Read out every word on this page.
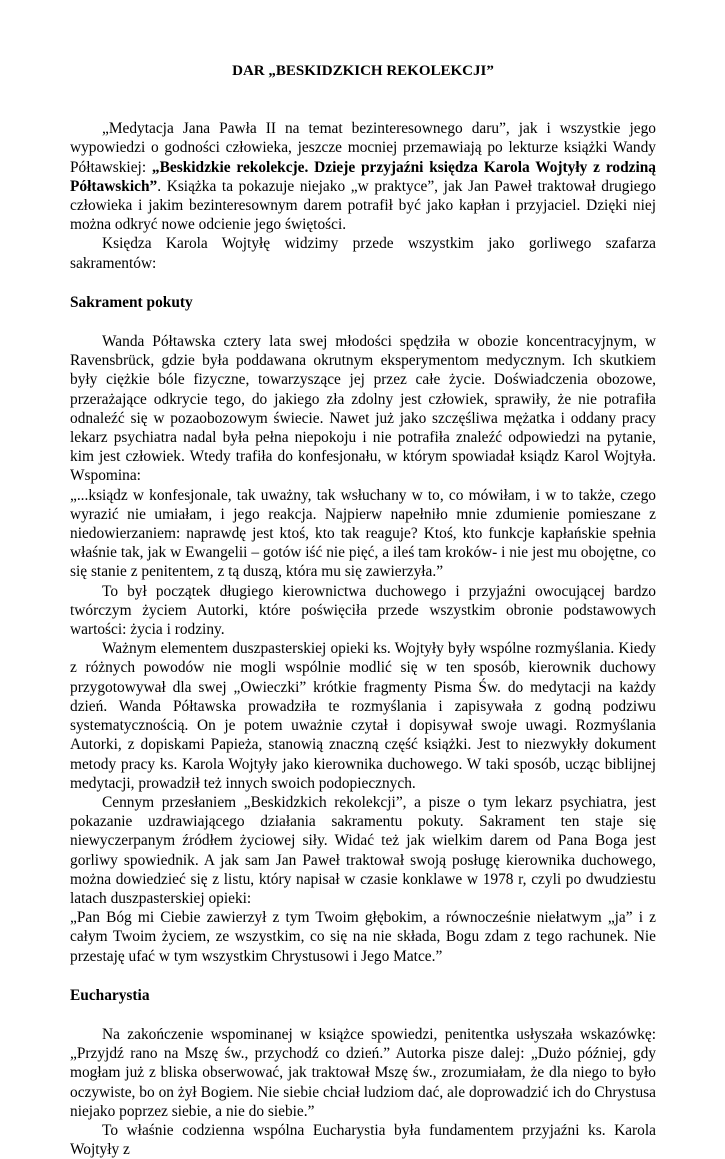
DAR „BESKIDZKICH REKOLEKCJI”

„Medytacja Jana Pawła II na temat bezinteresownego daru”, jak i wszystkie jego wypowiedzi o godności człowieka, jeszcze mocniej przemawiają po lekturze książki Wandy Półtawskiej: „Beskidzkie rekolekcje. Dzieje przyjaźni księdza Karola Wojtyły z rodziną Półtawskich”. Książka ta pokazuje niejako „w praktyce”, jak Jan Paweł traktował drugiego człowieka i jakim bezinteresownym darem potrafił być jako kapłan i przyjaciel. Dzięki niej można odkryć nowe odcienie jego świętości.

Księdza Karola Wojtyłę widzimy przede wszystkim jako gorliwego szafarza sakramentów:

Sakrament pokuty

Wanda Półtawska cztery lata swej młodości spędziła w obozie koncentracyjnym, w Ravensbrück, gdzie była poddawana okrutnym eksperymentom medycznym. Ich skutkiem były ciężkie bóle fizyczne, towarzyszące jej przez całe życie. Doświadczenia obozowe, przerażające odkrycie tego, do jakiego zła zdolny jest człowiek, sprawiły, że nie potrafiła odnaleźć się w pozaobozowym świecie. Nawet już jako szczęśliwa mężatka i oddany pracy lekarz psychiatra nadal była pełna niepokoju i nie potrafiła znaleźć odpowiedzi na pytanie, kim jest człowiek. Wtedy trafiła do konfesjonału, w którym spowiadał ksiądz Karol Wojtyła. Wspomina:

„...ksiądz w konfesjonale, tak uważny, tak wsłuchany w to, co mówiłam, i w to także, czego wyrazić nie umiałam, i jego reakcja. Najpierw napełniło mnie zdumienie pomieszane z niedowierzaniem: naprawdę jest ktoś, kto tak reaguje? Ktoś, kto funkcje kapłańskie spełnia właśnie tak, jak w Ewangelii – gotów iść nie pięć, a ileś tam kroków- i nie jest mu obojętne, co się stanie z penitentem, z tą duszą, która mu się zawierzyła.”

To był początek długiego kierownictwa duchowego i przyjaźni owocującej bardzo twórczym życiem Autorki, które poświęciła przede wszystkim obronie podstawowych wartości: życia i rodziny.

Ważnym elementem duszpasterskiej opieki ks. Wojtyły były wspólne rozmyślania. Kiedy z różnych powodów nie mogli wspólnie modlić się w ten sposób, kierownik duchowy przygotowywał dla swej „Owieczki” krótkie fragmenty Pisma Św. do medytacji na każdy dzień. Wanda Półtawska prowadziła te rozmyślania i zapisywała z godną podziwu systematycznością. On je potem uważnie czytał i dopisywał swoje uwagi. Rozmyślania Autorki, z dopiskami Papieża, stanowią znaczną część książki. Jest to niezwykły dokument metody pracy ks. Karola Wojtyły jako kierownika duchowego. W taki sposób, ucząc biblijnej medytacji, prowadził też innych swoich podopiecznych.

Cennym przesłaniem „Beskidzkich rekolekcji”, a pisze o tym lekarz psychiatra, jest pokazanie uzdrawiającego działania sakramentu pokuty. Sakrament ten staje się niewyczerpanym źródłem życiowej siły. Widać też jak wielkim darem od Pana Boga jest gorliwy spowiednik. A jak sam Jan Paweł traktował swoją posługę kierownika duchowego, można dowiedzieć się z listu, który napisał w czasie konklawe w 1978 r, czyli po dwudziestu latach duszpasterskiej opieki:

„Pan Bóg mi Ciebie zawierzył z tym Twoim głębokim, a równocześnie niełatwym „ja” i z całym Twoim życiem, ze wszystkim, co się na nie składa, Bogu zdam z tego rachunek. Nie przestaję ufać w tym wszystkim Chrystusowi i Jego Matce.”

Eucharystia

Na zakończenie wspominanej w książce spowiedzi, penitentka usłyszała wskazówkę: „Przyjdź rano na Mszę św., przychodź co dzień.” Autorka pisze dalej: „Dużo później, gdy mogłam już z bliska obserwować, jak traktował Mszę św., zrozumiałam, że dla niego to było oczywiste, bo on żył Bogiem. Nie siebie chciał ludziom dać, ale doprowadzić ich do Chrystusa niejako poprzez siebie, a nie do siebie.”

To właśnie codzienna wspólna Eucharystia była fundamentem przyjaźni ks. Karola Wojtyły z
